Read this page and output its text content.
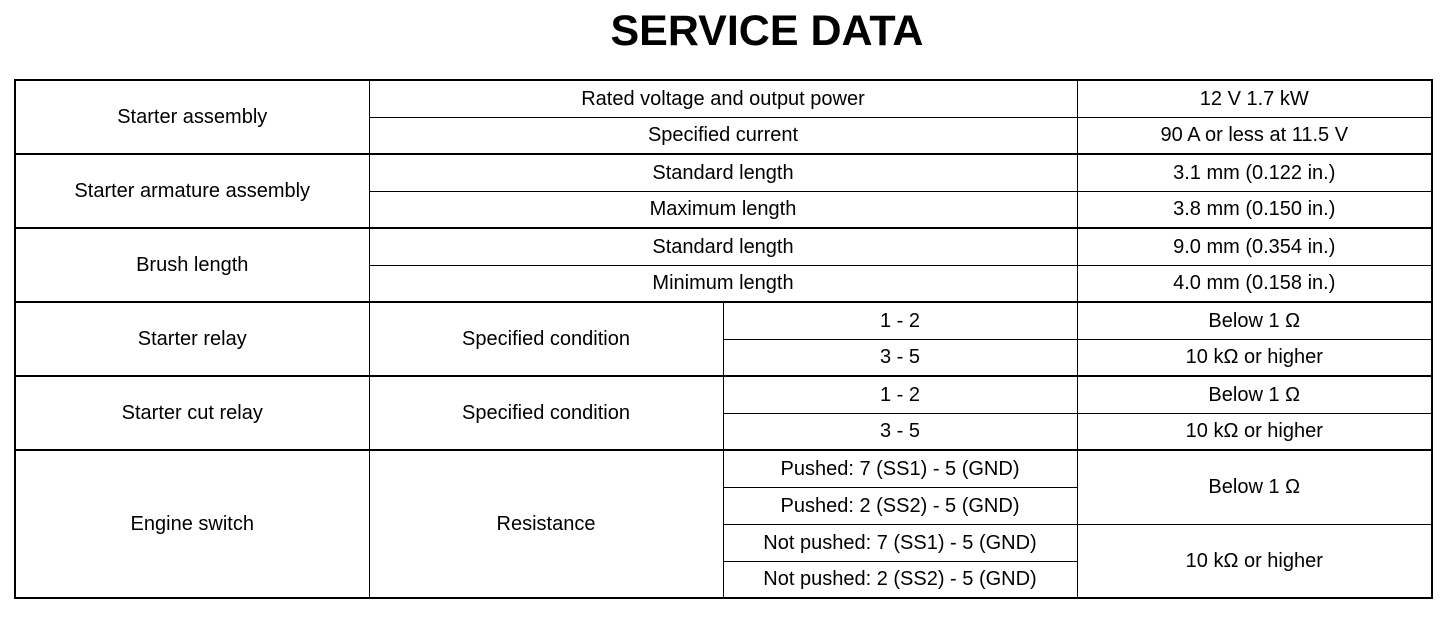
SERVICE DATA
Starter assembly	Rated voltage and output power		12 V 1.7 kW
	Specified current		90 A or less at 11.5 V
Starter armature assembly	Standard length		3.1 mm (0.122 in.)
	Maximum length		3.8 mm (0.150 in.)
Brush length	Standard length		9.0 mm (0.354 in.)
	Minimum length		4.0 mm (0.158 in.)
Starter relay	Specified condition	1 - 2	Below 1 Ω
		3 - 5	10 kΩ or higher
Starter cut relay	Specified condition	1 - 2	Below 1 Ω
		3 - 5	10 kΩ or higher
Engine switch	Resistance	Pushed: 7 (SS1) - 5 (GND)	Below 1 Ω
		Pushed: 2 (SS2) - 5 (GND)	
		Not pushed: 7 (SS1) - 5 (GND)	10 kΩ or higher
		Not pushed: 2 (SS2) - 5 (GND)	
